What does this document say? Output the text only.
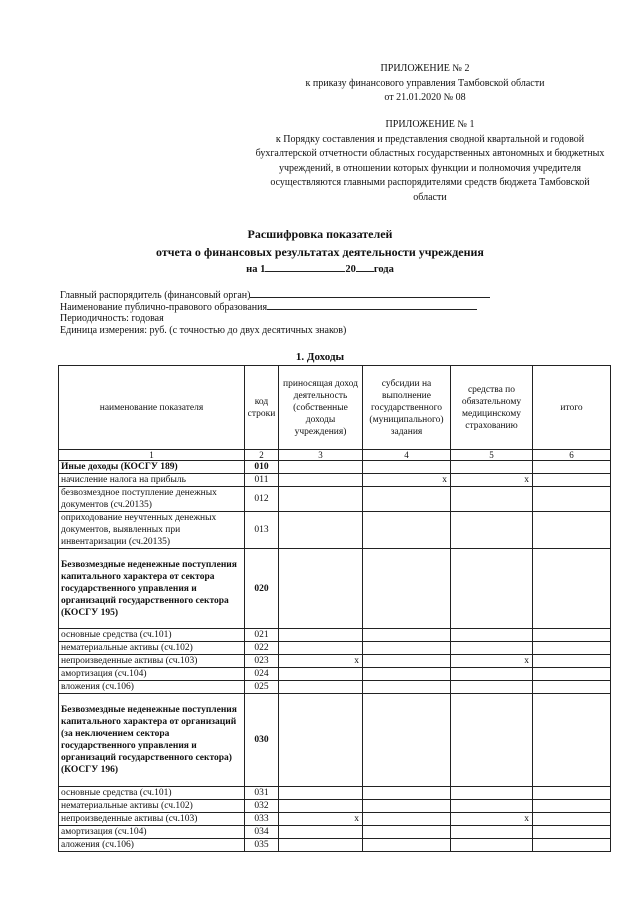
ПРИЛОЖЕНИЕ № 2
к приказу финансового управления Тамбовской области
от 21.01.2020 № 08
ПРИЛОЖЕНИЕ № 1
к Порядку составления и представления сводной квартальной и годовой бухгалтерской отчетности областных государственных автономных и бюджетных учреждений, в отношении которых функции и полномочия учредителя осуществляются главными распорядителями средств бюджета Тамбовской области
Расшифровка показателей
отчета о финансовых результатах деятельности учреждения
на 1	20 года
Главный распорядитель (финансовый орган)
Наименование публично-правового образования
Периодичность: годовая
Единица измерения: руб. (с точностью до двух десятичных знаков)
1. Доходы
наименование показателя	код строки	приносящая доход деятельность (собственные доходы учреждения)	субсидии на выполнение государственного (муниципального) задания	средства по обязательному медицинскому страхованию	итого
1	2	3	4	5	6
Иные доходы (КОСГУ 189)	010				
начисление налога на прибыль	011		x	x	
безвозмездное поступление денежных документов (сч.20135)	012				
оприходование неучтенных денежных документов, выявленных при инвентаризации (сч.20135)	013				
Безвозмездные неденежные поступления капитального характера от сектора государственного управления и организаций государственного сектора (КОСГУ 195)	020				
основные средства (сч.101)	021				
нематериальные активы (сч.102)	022				
непроизведенные активы (сч.103)	023	x		x	
амортизация (сч.104)	024				
вложения (сч.106)	025				
Безвозмездные неденежные поступления капитального характера от организаций (за неключением сектора государственного управления и организаций государственного сектора) (КОСГУ 196)	030				
основные средства (сч.101)	031				
нематериальные активы (сч.102)	032				
непроизведенные активы (сч.103)	033	x		x	
амортизация (сч.104)	034				
аложения (сч.106)	035				
